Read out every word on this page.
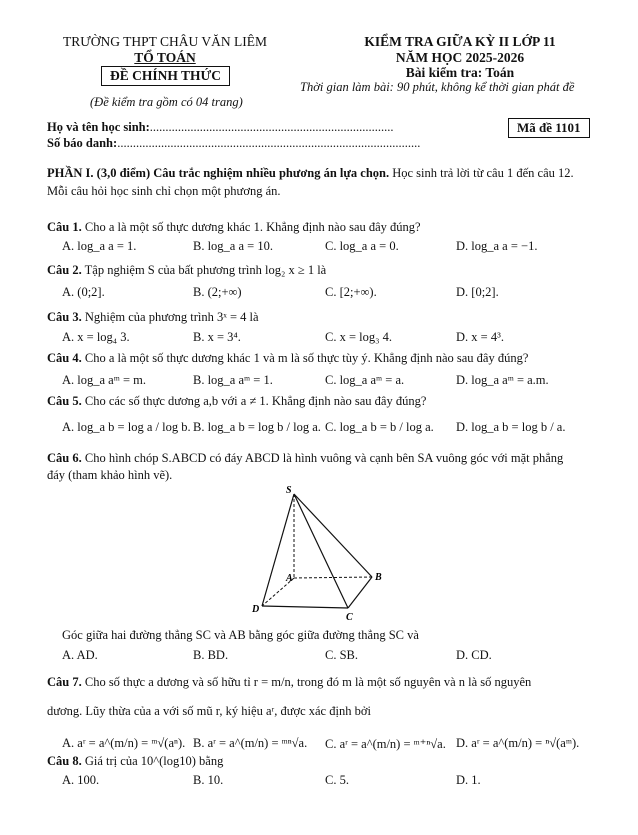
TRƯỜNG THPT CHÂU VĂN LIÊM
TỔ TOÁN
ĐỀ CHÍNH THỨC
(Đề kiểm tra gồm có 04 trang)
KIỂM TRA GIỮA KỲ II LỚP 11
NĂM HỌC 2025-2026
Bài kiểm tra: Toán
Thời gian làm bài: 90 phút, không kể thời gian phát đề
Họ và tên học sinh:..............................................................................
Số báo danh:.................................................................................................
Mã đề 1101
PHẦN I. (3,0 điểm) Câu trắc nghiệm nhiều phương án lựa chọn. Học sinh trả lời từ câu 1 đến câu 12.
Mỗi câu hỏi học sinh chỉ chọn một phương án.
Câu 1. Cho a là một số thực dương khác 1. Khẳng định nào sau đây đúng?
A. log_a a = 1.	B. log_a a = 10.	C. log_a a = 0.	D. log_a a = −1.
Câu 2. Tập nghiệm S của bất phương trình log₂ x ≥ 1 là
A. (0;2].	B. (2;+∞)	C. [2;+∞).	D. [0;2].
Câu 3. Nghiệm của phương trình 3ˣ = 4 là
A. x = log₄ 3.	B. x = 3⁴.	C. x = log₃ 4.	D. x = 4³.
Câu 4. Cho a là một số thực dương khác 1 và m là số thực tùy ý. Khẳng định nào sau đây đúng?
A. log_a aᵐ = m.	B. log_a aᵐ = 1.	C. log_a aᵐ = a.	D. log_a aᵐ = a.m.
Câu 5. Cho các số thực dương a,b với a ≠ 1. Khẳng định nào sau đây đúng?
A. log_a b = log a / log b. B. log_a b = log b / log a. C. log_a b = b / log a. D. log_a b = log b / a.
Câu 6. Cho hình chóp S.ABCD có đáy ABCD là hình vuông và cạnh bên SA vuông góc với mặt phẳng
đáy (tham khảo hình vẽ).
S
A	B
C
D
Góc giữa hai đường thẳng SC và AB bằng góc giữa đường thẳng SC và
A. AD.	B. BD.	C. SB.	D. CD.
Câu 7. Cho số thực a dương và số hữu tỉ r = m/n, trong đó m là một số nguyên và n là số nguyên
dương. Lũy thừa của a với số mũ r, ký hiệu aʳ, được xác định bởi
A. aʳ = a^(m/n) = ᵐ√(aⁿ). B. aʳ = a^(m/n) = ᵐⁿ√a. C. aʳ = a^(m/n) = ᵐ⁺ⁿ√a. D. aʳ = a^(m/n) = ⁿ√(aᵐ).
Câu 8. Giá trị của 10^(log10) bằng
A. 100.	B. 10.	C. 5.	D. 1.
